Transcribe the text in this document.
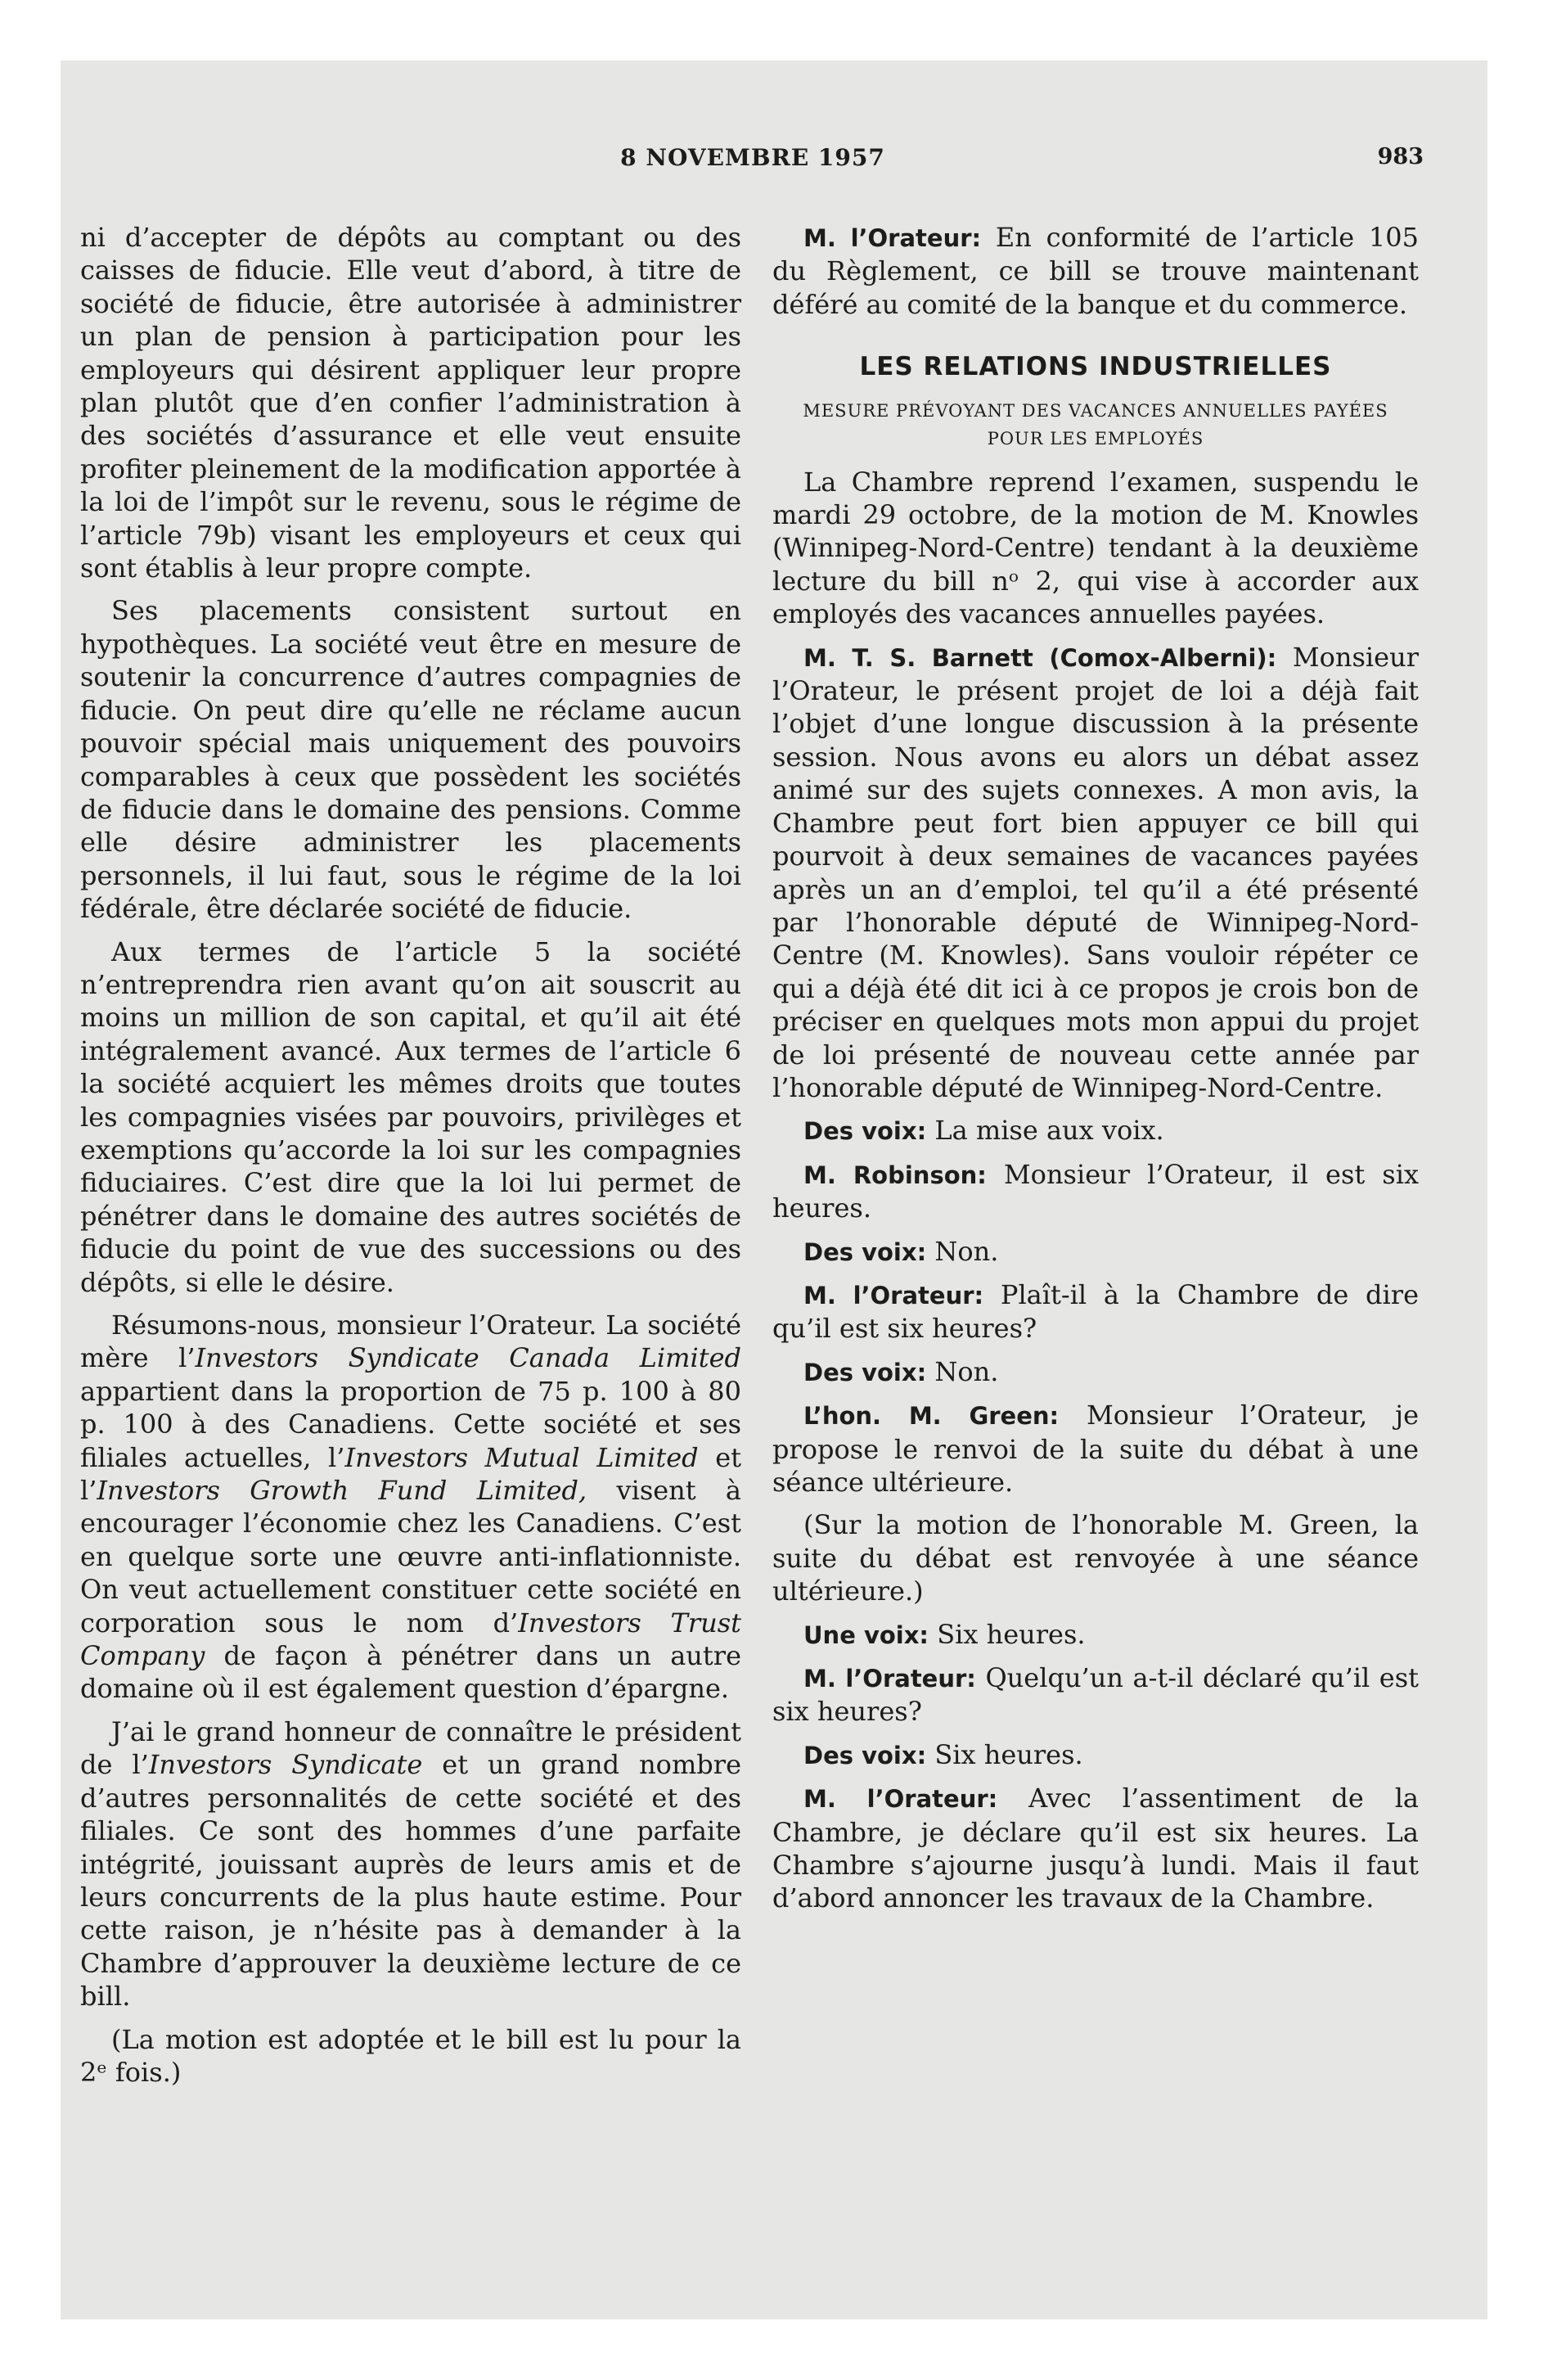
8 NOVEMBRE 1957	983

ni d’accepter de dépôts au comptant ou des caisses de fiducie. Elle veut d’abord, à titre de société de fiducie, être autorisée à administrer un plan de pension à participation pour les employeurs qui désirent appliquer leur propre plan plutôt que d’en confier l’administration à des sociétés d’assurance et elle veut ensuite profiter pleinement de la modification apportée à la loi de l’impôt sur le revenu, sous le régime de l’article 79b) visant les employeurs et ceux qui sont établis à leur propre compte.

Ses placements consistent surtout en hypothèques. La société veut être en mesure de soutenir la concurrence d’autres compagnies de fiducie. On peut dire qu’elle ne réclame aucun pouvoir spécial mais uniquement des pouvoirs comparables à ceux que possèdent les sociétés de fiducie dans le domaine des pensions. Comme elle désire administrer les placements personnels, il lui faut, sous le régime de la loi fédérale, être déclarée société de fiducie.

Aux termes de l’article 5 la société n’entreprendra rien avant qu’on ait souscrit au moins un million de son capital, et qu’il ait été intégralement avancé. Aux termes de l’article 6 la société acquiert les mêmes droits que toutes les compagnies visées par pouvoirs, privilèges et exemptions qu’accorde la loi sur les compagnies fiduciaires. C’est dire que la loi lui permet de pénétrer dans le domaine des autres sociétés de fiducie du point de vue des successions ou des dépôts, si elle le désire.

Résumons-nous, monsieur l’Orateur. La société mère l’Investors Syndicate Canada Limited appartient dans la proportion de 75 p. 100 à 80 p. 100 à des Canadiens. Cette société et ses filiales actuelles, l’Investors Mutual Limited et l’Investors Growth Fund Limited, visent à encourager l’économie chez les Canadiens. C’est en quelque sorte une œuvre anti-inflationniste. On veut actuellement constituer cette société en corporation sous le nom d’Investors Trust Company de façon à pénétrer dans un autre domaine où il est également question d’épargne.

J’ai le grand honneur de connaître le président de l’Investors Syndicate et un grand nombre d’autres personnalités de cette société et des filiales. Ce sont des hommes d’une parfaite intégrité, jouissant auprès de leurs amis et de leurs concurrents de la plus haute estime. Pour cette raison, je n’hésite pas à demander à la Chambre d’approuver la deuxième lecture de ce bill.

(La motion est adoptée et le bill est lu pour la 2ᵉ fois.)

M. l’Orateur: En conformité de l’article 105 du Règlement, ce bill se trouve maintenant déféré au comité de la banque et du commerce.

LES RELATIONS INDUSTRIELLES
MESURE PRÉVOYANT DES VACANCES ANNUELLES PAYÉES POUR LES EMPLOYÉS

La Chambre reprend l’examen, suspendu le mardi 29 octobre, de la motion de M. Knowles (Winnipeg-Nord-Centre) tendant à la deuxième lecture du bill nᵒ 2, qui vise à accorder aux employés des vacances annuelles payées.

M. T. S. Barnett (Comox-Alberni): Monsieur l’Orateur, le présent projet de loi a déjà fait l’objet d’une longue discussion à la présente session. Nous avons eu alors un débat assez animé sur des sujets connexes. A mon avis, la Chambre peut fort bien appuyer ce bill qui pourvoit à deux semaines de vacances payées après un an d’emploi, tel qu’il a été présenté par l’honorable député de Winnipeg-Nord-Centre (M. Knowles). Sans vouloir répéter ce qui a déjà été dit ici à ce propos je crois bon de préciser en quelques mots mon appui du projet de loi présenté de nouveau cette année par l’honorable député de Winnipeg-Nord-Centre.

Des voix: La mise aux voix.

M. Robinson: Monsieur l’Orateur, il est six heures.

Des voix: Non.

M. l’Orateur: Plaît-il à la Chambre de dire qu’il est six heures?

Des voix: Non.

L’hon. M. Green: Monsieur l’Orateur, je propose le renvoi de la suite du débat à une séance ultérieure.

(Sur la motion de l’honorable M. Green, la suite du débat est renvoyée à une séance ultérieure.)

Une voix: Six heures.

M. l’Orateur: Quelqu’un a-t-il déclaré qu’il est six heures?

Des voix: Six heures.

M. l’Orateur: Avec l’assentiment de la Chambre, je déclare qu’il est six heures. La Chambre s’ajourne jusqu’à lundi. Mais il faut d’abord annoncer les travaux de la Chambre.
